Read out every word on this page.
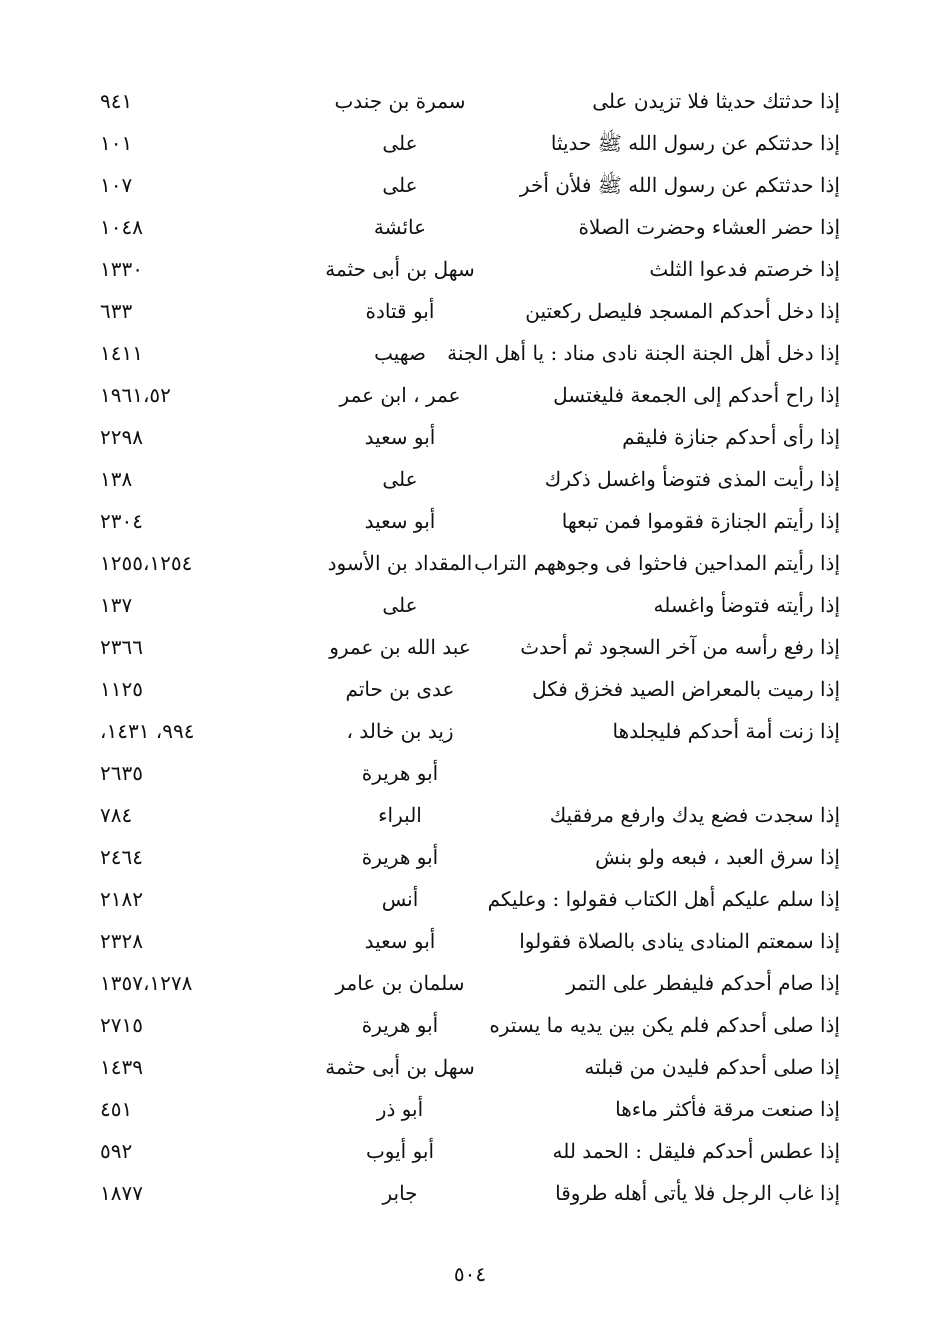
إذا حدثتك حديثا فلا تزيدن على
سمرة بن جندب
٩٤١
إذا حدثتكم عن رسول الله ﷺ حديثا
على
١٠١
إذا حدثتكم عن رسول الله ﷺ فلأن أخر
على
١٠٧
إذا حضر العشاء وحضرت الصلاة
عائشة
١٠٤٨
إذا خرصتم فدعوا الثلث
سهل بن أبى حثمة
١٣٣٠
إذا دخل أحدكم المسجد فليصل ركعتين
أبو قتادة
٦٣٣
إذا دخل أهل الجنة الجنة نادى مناد : يا أهل الجنة
صهيب
١٤١١
إذا راح أحدكم إلى الجمعة فليغتسل
عمر ، ابن عمر
١٩٦١،٥٢
إذا رأى أحدكم جنازة فليقم
أبو سعيد
٢٢٩٨
إذا رأيت المذى فتوضأ واغسل ذكرك
على
١٣٨
إذا رأيتم الجنازة فقوموا فمن تبعها
أبو سعيد
٢٣٠٤
إذا رأيتم المداحين فاحثوا فى وجوههم التراب
المقداد بن الأسود
١٢٥٥،١٢٥٤
إذا رأيته فتوضأ واغسله
على
١٣٧
إذا رفع رأسه من آخر السجود ثم أحدث
عبد الله بن عمرو
٢٣٦٦
إذا رميت بالمعراض الصيد فخزق فكل
عدى بن حاتم
١١٢٥
إذا زنت أمة أحدكم فليجلدها
زيد بن خالد ،
٩٩٤، ١٤٣١،
أبو هريرة
٢٦٣٥
إذا سجدت فضع يدك وارفع مرفقيك
البراء
٧٨٤
إذا سرق العبد ، فبعه ولو بنش
أبو هريرة
٢٤٦٤
إذا سلم عليكم أهل الكتاب فقولوا : وعليكم
أنس
٢١٨٢
إذا سمعتم المنادى ينادى بالصلاة فقولوا
أبو سعيد
٢٣٢٨
إذا صام أحدكم فليفطر على التمر
سلمان بن عامر
١٣٥٧،١٢٧٨
إذا صلى أحدكم فلم يكن بين يديه ما يستره
أبو هريرة
٢٧١٥
إذا صلى أحدكم فليدن من قبلته
سهل بن أبى حثمة
١٤٣٩
إذا صنعت مرقة فأكثر ماءها
أبو ذر
٤٥١
إذا عطس أحدكم فليقل : الحمد لله
أبو أيوب
٥٩٢
إذا غاب الرجل فلا يأتى أهله طروقا
جابر
١٨٧٧
٥٠٤
